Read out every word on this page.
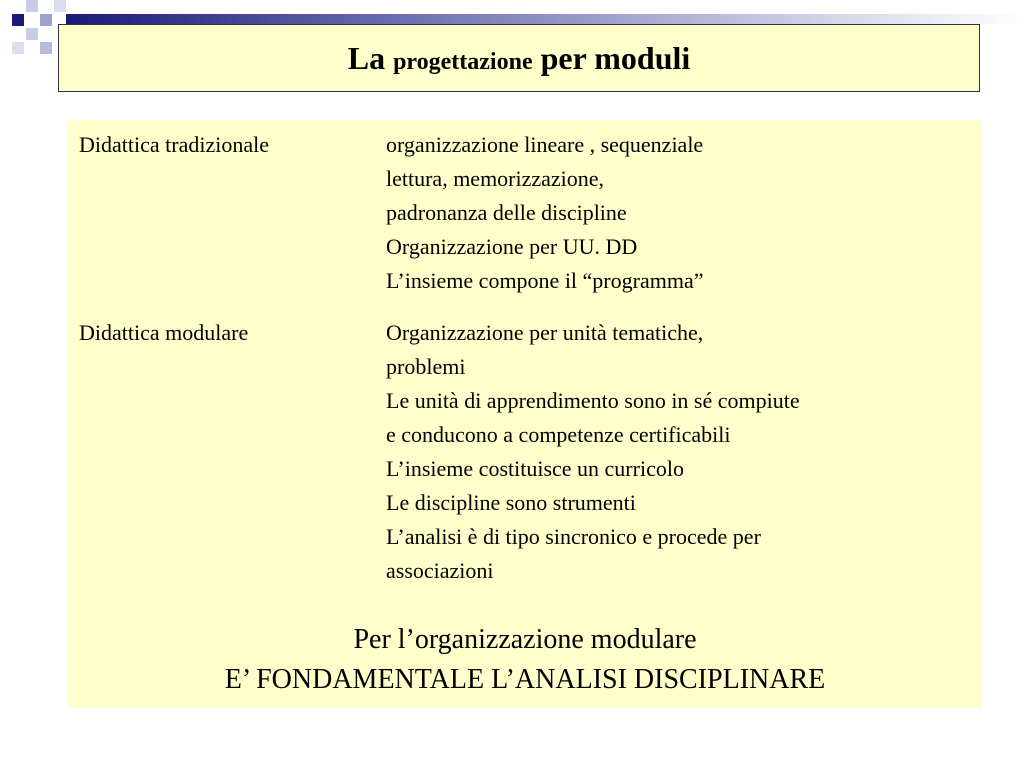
La progettazione per moduli
Didattica tradizionale	organizzazione lineare , sequenziale
lettura, memorizzazione,
padronanza delle discipline
Organizzazione per UU. DD
L’insieme compone il “programma”
Didattica modulare	Organizzazione per unità tematiche,
problemi
Le unità di apprendimento sono in sé compiute
e conducono a competenze certificabili
L’insieme costituisce un curricolo
Le discipline sono strumenti
L’analisi è di tipo sincronico e procede per
associazioni
Per l’organizzazione modulare
E’ FONDAMENTALE L’ANALISI DISCIPLINARE
